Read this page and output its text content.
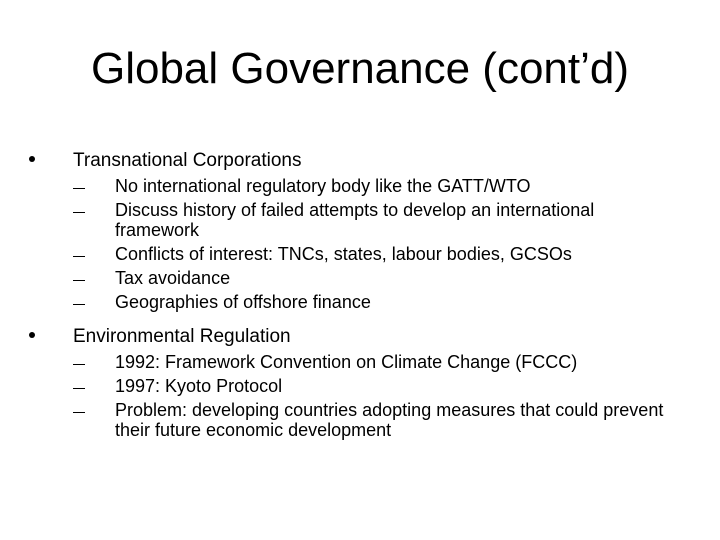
Global Governance (cont’d)
Transnational Corporations
No international regulatory body like the GATT/WTO
Discuss history of failed attempts to develop an international framework
Conflicts of interest: TNCs, states, labour bodies, GCSOs
Tax avoidance
Geographies of offshore finance
Environmental Regulation
1992: Framework Convention on Climate Change (FCCC)
1997: Kyoto Protocol
Problem: developing countries adopting measures that could prevent their future economic development
